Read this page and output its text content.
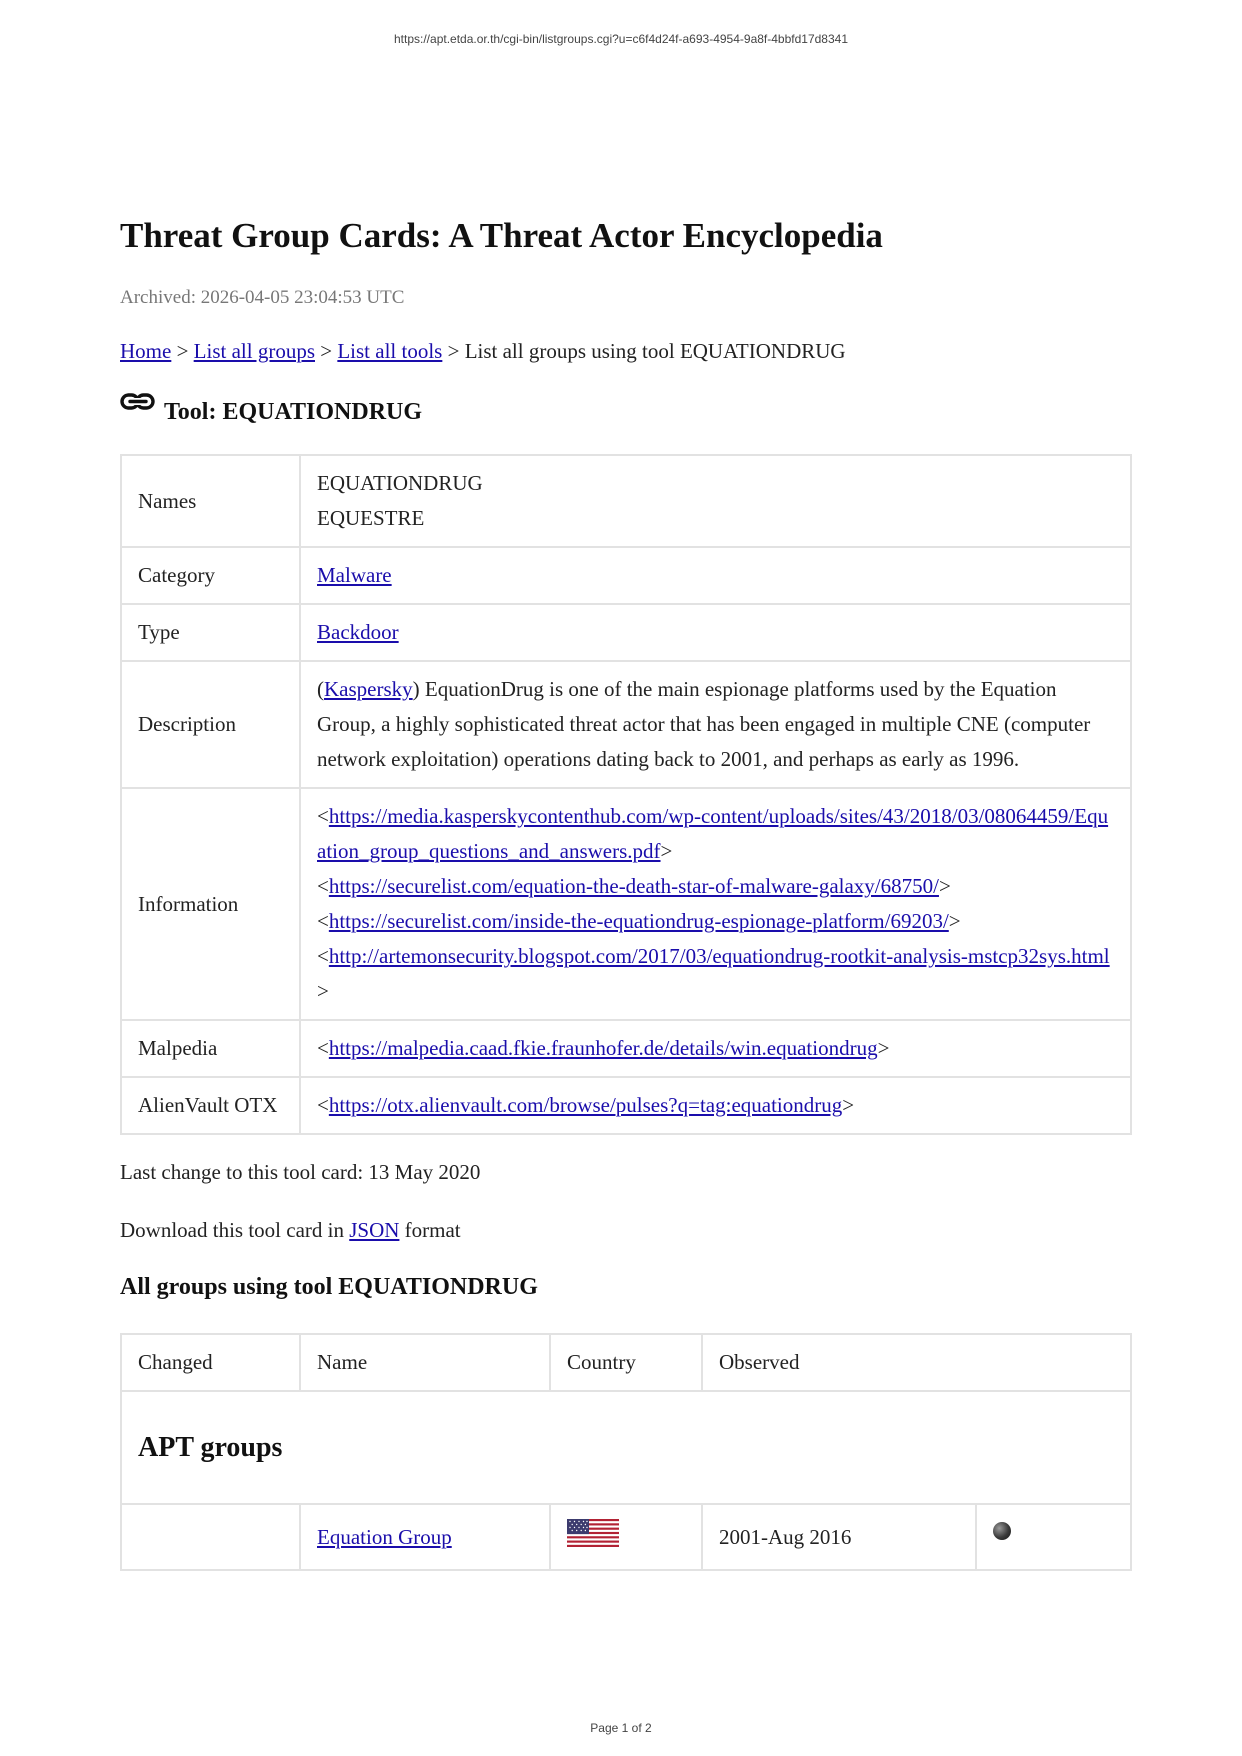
https://apt.etda.or.th/cgi-bin/listgroups.cgi?u=c6f4d24f-a693-4954-9a8f-4bbfd17d8341
Threat Group Cards: A Threat Actor Encyclopedia
Archived: 2026-04-05 23:04:53 UTC
Home > List all groups > List all tools > List all groups using tool EQUATIONDRUG
Tool: EQUATIONDRUG
Names	EQUATIONDRUG
EQUESTRE

Category	Malware
Type	Backdoor
Description	(Kaspersky) EquationDrug is one of the main espionage platforms used by the Equation Group, a highly sophisticated threat actor that has been engaged in multiple CNE (computer network exploitation) operations dating back to 2001, and perhaps as early as 1996.
Information	<https://media.kasperskycontenthub.com/wp-content/uploads/sites/43/2018/03/08064459/Equation_group_questions_and_answers.pdf>
<https://securelist.com/equation-the-death-star-of-malware-galaxy/68750/>
<https://securelist.com/inside-the-equationdrug-espionage-platform/69203/>
<http://artemonsecurity.blogspot.com/2017/03/equationdrug-rootkit-analysis-mstcp32sys.html>

Malpedia	<https://malpedia.caad.fkie.fraunhofer.de/details/win.equationdrug>
AlienVault OTX	<https://otx.alienvault.com/browse/pulses?q=tag:equationdrug>
Last change to this tool card: 13 May 2020
Download this tool card in JSON format
All groups using tool EQUATIONDRUG
Changed	Name	Country	Observed	
APT groups				
	Equation Group		2001-Aug 2016	
Page 1 of 2
